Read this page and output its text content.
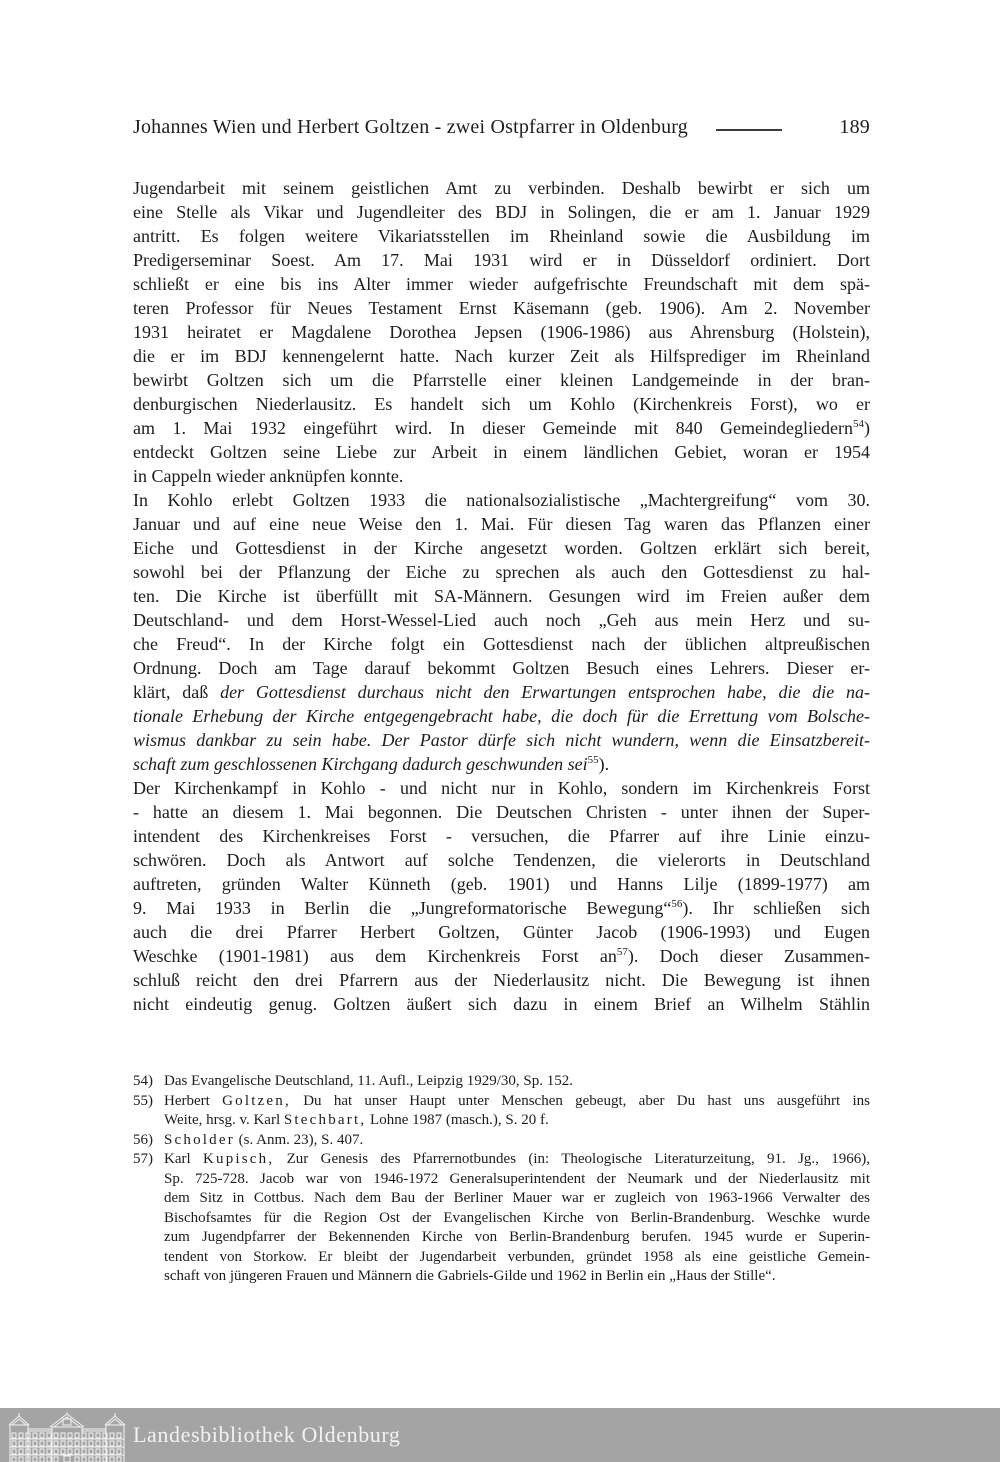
Johannes Wien und Herbert Goltzen - zwei Ostpfarrer in Oldenburg	189
Jugendarbeit mit seinem geistlichen Amt zu verbinden. Deshalb bewirbt er sich um
eine Stelle als Vikar und Jugendleiter des BDJ in Solingen, die er am 1. Januar 1929
antritt. Es folgen weitere Vikariatsstellen im Rheinland sowie die Ausbildung im
Predigerseminar Soest. Am 17. Mai 1931 wird er in Düsseldorf ordiniert. Dort
schließt er eine bis ins Alter immer wieder aufgefrischte Freundschaft mit dem spä-
teren Professor für Neues Testament Ernst Käsemann (geb. 1906). Am 2. November
1931 heiratet er Magdalene Dorothea Jepsen (1906-1986) aus Ahrensburg (Holstein),
die er im BDJ kennengelernt hatte. Nach kurzer Zeit als Hilfsprediger im Rheinland
bewirbt Goltzen sich um die Pfarrstelle einer kleinen Landgemeinde in der bran-
denburgischen Niederlausitz. Es handelt sich um Kohlo (Kirchenkreis Forst), wo er
am 1. Mai 1932 eingeführt wird. In dieser Gemeinde mit 840 Gemeindegliedern$^{54}$)
entdeckt Goltzen seine Liebe zur Arbeit in einem ländlichen Gebiet, woran er 1954
in Cappeln wieder anknüpfen konnte.
In Kohlo erlebt Goltzen 1933 die nationalsozialistische „Machtergreifung“ vom 30.
Januar und auf eine neue Weise den 1. Mai. Für diesen Tag waren das Pflanzen einer
Eiche und Gottesdienst in der Kirche angesetzt worden. Goltzen erklärt sich bereit,
sowohl bei der Pflanzung der Eiche zu sprechen als auch den Gottesdienst zu hal-
ten. Die Kirche ist überfüllt mit SA-Männern. Gesungen wird im Freien außer dem
Deutschland- und dem Horst-Wessel-Lied auch noch „Geh aus mein Herz und su-
che Freud“. In der Kirche folgt ein Gottesdienst nach der üblichen altpreußischen
Ordnung. Doch am Tage darauf bekommt Goltzen Besuch eines Lehrers. Dieser er-
klärt, daß der Gottesdienst durchaus nicht den Erwartungen entsprochen habe, die die na-
tionale Erhebung der Kirche entgegengebracht habe, die doch für die Errettung vom Bolsche-
wismus dankbar zu sein habe. Der Pastor dürfe sich nicht wundern, wenn die Einsatzbereit-
schaft zum geschlossenen Kirchgang dadurch geschwunden sei$^{55}$).
Der Kirchenkampf in Kohlo - und nicht nur in Kohlo, sondern im Kirchenkreis Forst
- hatte an diesem 1. Mai begonnen. Die Deutschen Christen - unter ihnen der Super-
intendent des Kirchenkreises Forst - versuchen, die Pfarrer auf ihre Linie einzu-
schwören. Doch als Antwort auf solche Tendenzen, die vielerorts in Deutschland
auftreten, gründen Walter Künneth (geb. 1901) und Hanns Lilje (1899-1977) am
9. Mai 1933 in Berlin die „Jungreformatorische Bewegung“$^{56}$). Ihr schließen sich
auch die drei Pfarrer Herbert Goltzen, Günter Jacob (1906-1993) und Eugen
Weschke (1901-1981) aus dem Kirchenkreis Forst $an^{57}$). Doch dieser Zusammen-
schluß reicht den drei Pfarrern aus der Niederlausitz nicht. Die Bewegung ist ihnen
nicht eindeutig genug. Goltzen äußert sich dazu in einem Brief an Wilhelm Stählin
54) Das Evangelische Deutschland, 11. Aufl., Leipzig 1929/30, Sp. 152.
55) Herbert Goltzen, Du hat unser Haupt unter Menschen gebeugt, aber Du hast uns ausgeführt ins
Weite, hrsg. v. Karl Stechbart, Lohne 1987 (masch.), S. 20 f.
56) Scholder (s. Anm. 23), S. 407.
57) Karl Kupisch, Zur Genesis des Pfarrernotbundes (in: Theologische Literaturzeitung, 91. Jg., 1966),
Sp. 725-728. Jacob war von 1946-1972 Generalsuperintendent der Neumark und der Niederlausitz mit
dem Sitz in Cottbus. Nach dem Bau der Berliner Mauer war er zugleich von 1963-1966 Verwalter des
Bischofsamtes für die Region Ost der Evangelischen Kirche von Berlin-Brandenburg. Weschke wurde
zum Jugendpfarrer der Bekennenden Kirche von Berlin-Brandenburg berufen. 1945 wurde er Superin-
tendent von Storkow. Er bleibt der Jugendarbeit verbunden, gründet 1958 als eine geistliche Gemein-
schaft von jüngeren Frauen und Männern die Gabriels-Gilde und 1962 in Berlin ein „Haus der Stille“.
Landesbibliothek Oldenburg
